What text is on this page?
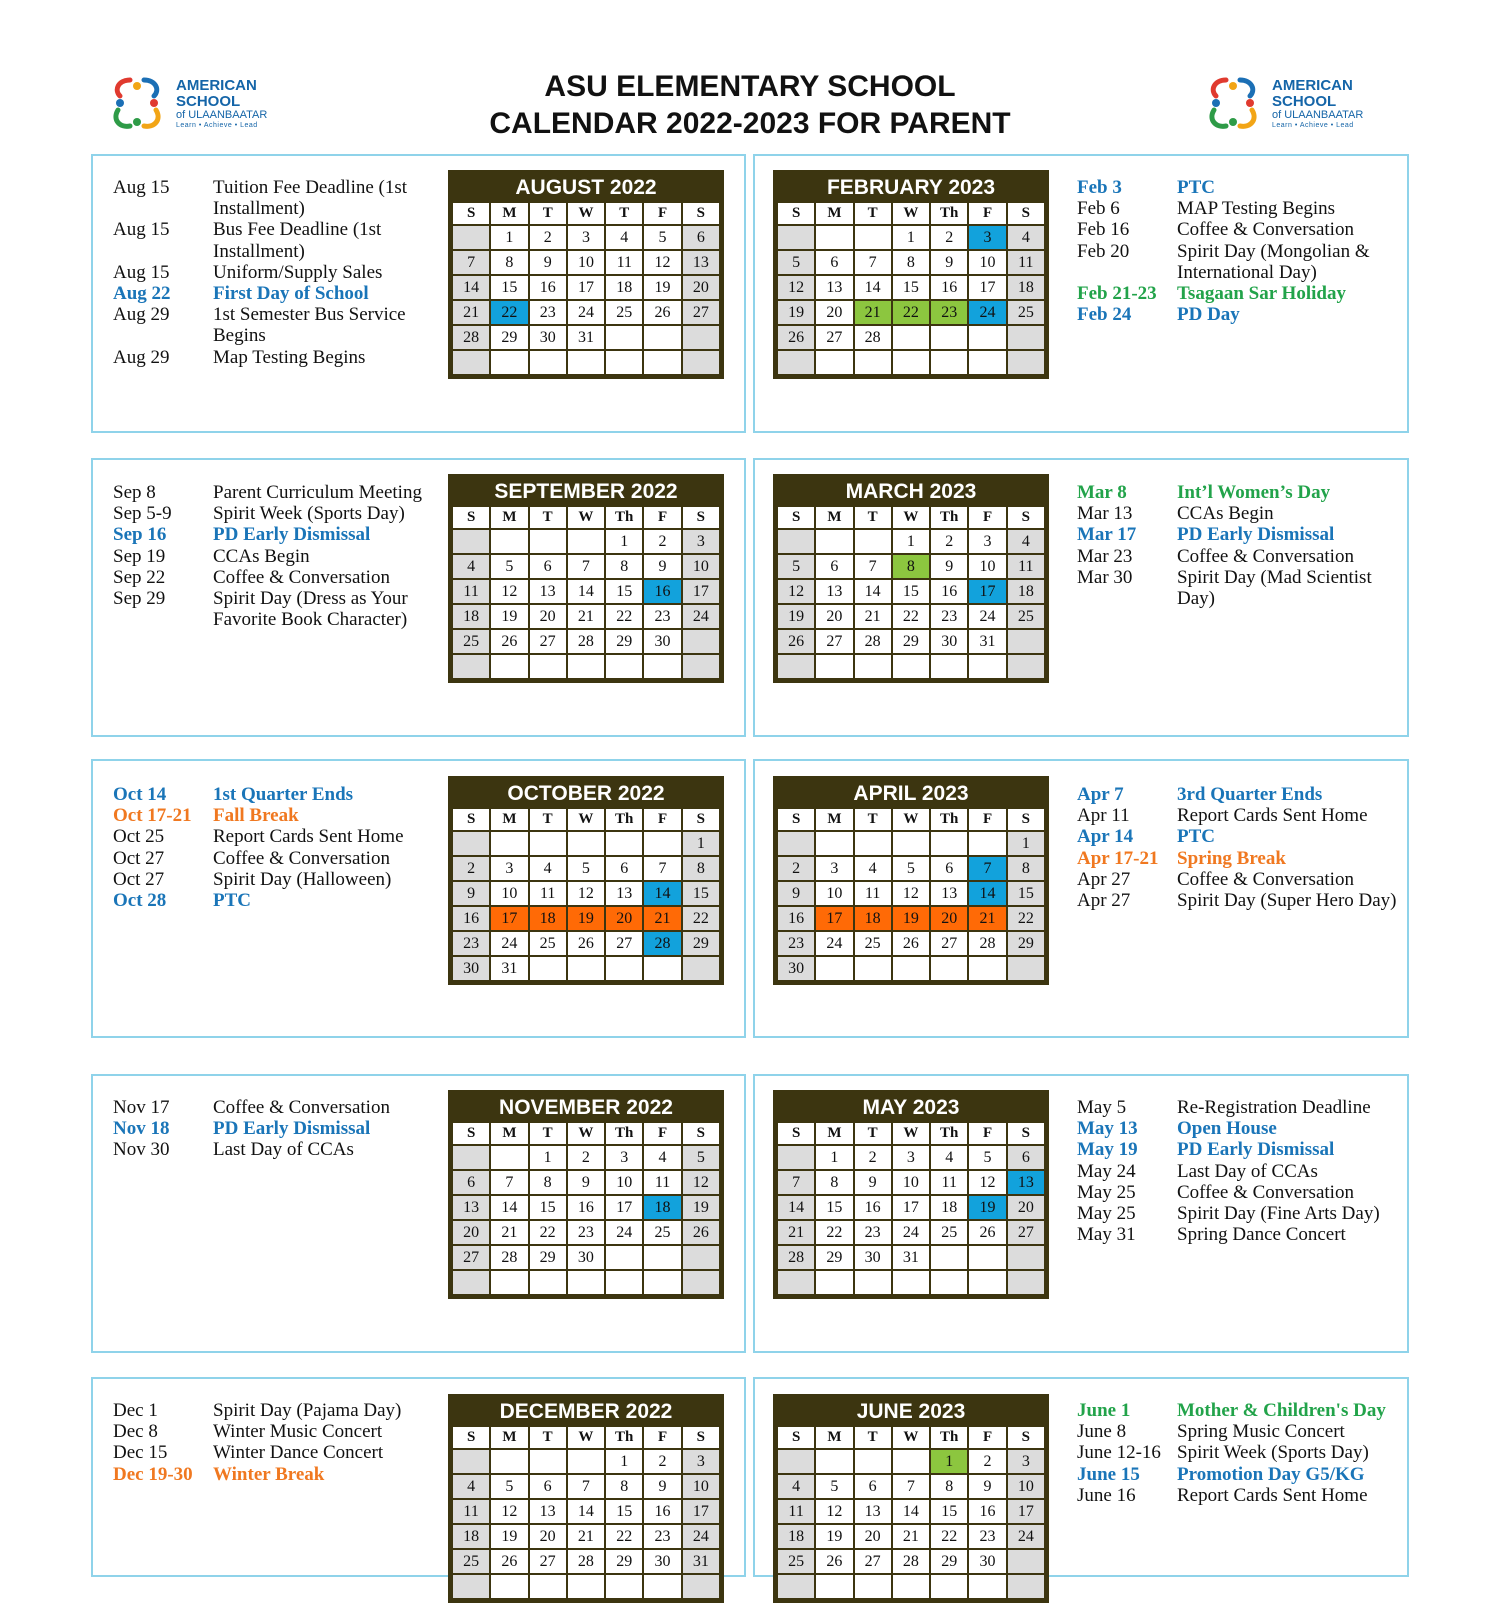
AMERICAN
SCHOOL
of ULAANBAATAR
Learn • Achieve • Lead
AMERICAN
SCHOOL
of ULAANBAATAR
Learn • Achieve • Lead
ASU ELEMENTARY SCHOOL
CALENDAR 2022-2023 FOR PARENT
Aug 15	Tuition Fee Deadline (1st Installment)
Aug 15	Bus Fee Deadline (1st Installment)
Aug 15	Uniform/Supply Sales
Aug 22	First Day of School
Aug 29	1st Semester Bus Service Begins
Aug 29	Map Testing Begins
Feb 3	PTC
Feb 6	MAP Testing Begins
Feb 16	Coffee & Conversation
Feb 20	Spirit Day (Mongolian & International Day)
Feb 21-23	Tsagaan Sar Holiday
Feb 24	PD Day
Sep 8	Parent Curriculum Meeting
Sep 5-9	Spirit Week (Sports Day)
Sep 16	PD Early Dismissal
Sep 19	CCAs Begin
Sep 22	Coffee & Conversation
Sep 29	Spirit Day (Dress as Your Favorite Book Character)
Mar 8	Int’l Women’s Day
Mar 13	CCAs Begin
Mar 17	PD Early Dismissal
Mar 23	Coffee & Conversation
Mar 30	Spirit Day (Mad Scientist Day)
Oct 14	1st Quarter Ends
Oct 17-21	Fall Break
Oct 25	Report Cards Sent Home
Oct 27	Coffee & Conversation
Oct 27	Spirit Day (Halloween)
Oct 28	PTC
Apr 7	3rd Quarter Ends
Apr 11	Report Cards Sent Home
Apr 14	PTC
Apr 17-21 Spring Break
Apr 27	Coffee & Conversation
Apr 27	Spirit Day (Super Hero Day)
Nov 17	Coffee & Conversation
Nov 18	PD Early Dismissal
Nov 30	Last Day of CCAs
May 5	Re-Registration Deadline
May 13	Open House
May 19	PD Early Dismissal
May 24	Last Day of CCAs
May 25	Coffee & Conversation
May 25	Spirit Day (Fine Arts Day)
May 31	Spring Dance Concert
Dec 1	Spirit Day (Pajama Day)
Dec 8	Winter Music Concert
Dec 15	Winter Dance Concert
Dec 19-30	Winter Break
June 1	Mother & Children's Day
June 8	Spring Music Concert
June 12-16 Spirit Week (Sports Day)
June 15	Promotion Day G5/KG
June 16	Report Cards Sent Home
AUGUST 2022
S	M	T	W	T	F	S
	1	2	3	4	5	6
7	8	9	10	11	12	13
14	15	16	17	18	19	20
21	22	23	24	25	26	27
28	29	30	31			

FEBRUARY 2023
S	M	T	W	Th	F	S
			1	2	3	4
5	6	7	8	9	10	11
12	13	14	15	16	17	18
19	20	21	22	23	24	25
26	27	28				

SEPTEMBER 2022
S	M	T	W	Th	F	S
				1	2	3
4	5	6	7	8	9	10
11	12	13	14	15	16	17
18	19	20	21	22	23	24
25	26	27	28	29	30	

MARCH 2023
S	M	T	W	Th	F	S
			1	2	3	4
5	6	7	8	9	10	11
12	13	14	15	16	17	18
19	20	21	22	23	24	25
26	27	28	29	30	31	

OCTOBER 2022
S	M	T	W	Th	F	S
						1
2	3	4	5	6	7	8
9	10	11	12	13	14	15
16	17	18	19	20	21	22
23	24	25	26	27	28	29
30	31					
APRIL 2023
S	M	T	W	Th	F	S
						1
2	3	4	5	6	7	8
9	10	11	12	13	14	15
16	17	18	19	20	21	22
23	24	25	26	27	28	29
30						
NOVEMBER 2022
S	M	T	W	Th	F	S
		1	2	3	4	5
6	7	8	9	10	11	12
13	14	15	16	17	18	19
20	21	22	23	24	25	26
27	28	29	30			

MAY 2023
S	M	T	W	Th	F	S
	1	2	3	4	5	6
7	8	9	10	11	12	13
14	15	16	17	18	19	20
21	22	23	24	25	26	27
28	29	30	31			

DECEMBER 2022
S	M	T	W	Th	F	S
				1	2	3
4	5	6	7	8	9	10
11	12	13	14	15	16	17
18	19	20	21	22	23	24
25	26	27	28	29	30	31

JUNE 2023
S	M	T	W	Th	F	S
				1	2	3
4	5	6	7	8	9	10
11	12	13	14	15	16	17
18	19	20	21	22	23	24
25	26	27	28	29	30	
